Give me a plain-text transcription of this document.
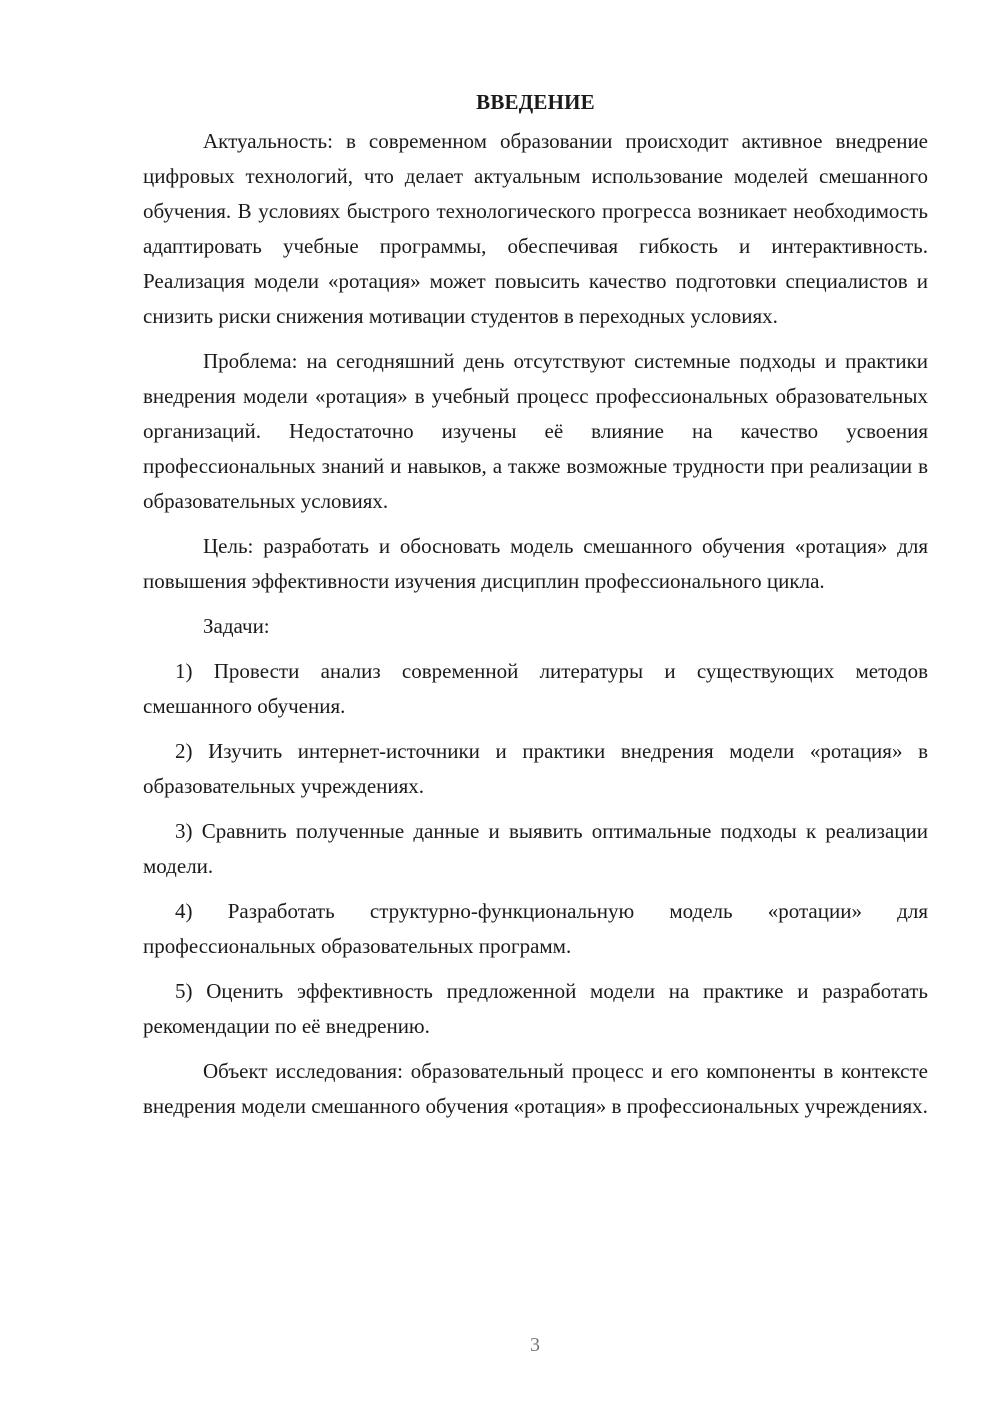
ВВЕДЕНИЕ

Актуальность: в современном образовании происходит активное внедрение цифровых технологий, что делает актуальным использование моделей смешанного обучения. В условиях быстрого технологического прогресса возникает необходимость адаптировать учебные программы, обеспечивая гибкость и интерактивность. Реализация модели «ротация» может повысить качество подготовки специалистов и снизить риски снижения мотивации студентов в переходных условиях.

Проблема: на сегодняшний день отсутствуют системные подходы и практики внедрения модели «ротация» в учебный процесс профессиональных образовательных организаций. Недостаточно изучены её влияние на качество усвоения профессиональных знаний и навыков, а также возможные трудности при реализации в образовательных условиях.

Цель: разработать и обосновать модель смешанного обучения «ротация» для повышения эффективности изучения дисциплин профессионального цикла.

Задачи:

1) Провести анализ современной литературы и существующих методов смешанного обучения.

2) Изучить интернет-источники и практики внедрения модели «ротация» в образовательных учреждениях.

3) Сравнить полученные данные и выявить оптимальные подходы к реализации модели.

4) Разработать структурно-функциональную модель «ротации» для профессиональных образовательных программ.

5) Оценить эффективность предложенной модели на практике и разработать рекомендации по её внедрению.

Объект исследования: образовательный процесс и его компоненты в контексте внедрения модели смешанного обучения «ротация» в профессиональных учреждениях.

3
